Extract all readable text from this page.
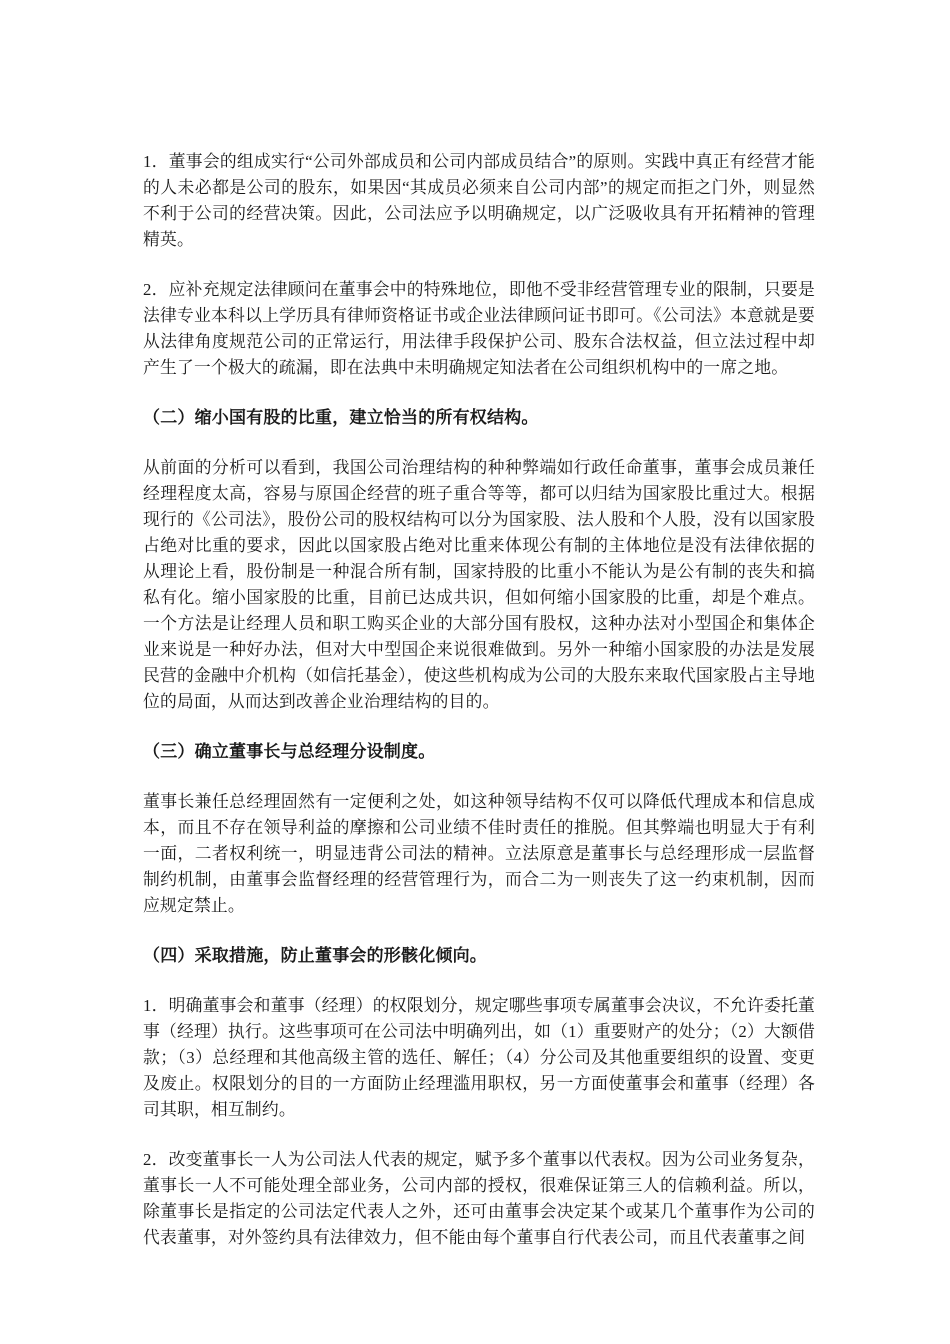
1．董事会的组成实行“公司外部成员和公司内部成员结合”的原则。实践中真正有经营才能的人未必都是公司的股东，如果因“其成员必须来自公司内部”的规定而拒之门外，则显然不利于公司的经营决策。因此，公司法应予以明确规定，以广泛吸收具有开拓精神的管理精英。

2．应补充规定法律顾问在董事会中的特殊地位，即他不受非经营管理专业的限制，只要是法律专业本科以上学历具有律师资格证书或企业法律顾问证书即可。《公司法》本意就是要从法律角度规范公司的正常运行，用法律手段保护公司、股东合法权益，但立法过程中却产生了一个极大的疏漏，即在法典中未明确规定知法者在公司组织机构中的一席之地。

（二）缩小国有股的比重，建立恰当的所有权结构。

从前面的分析可以看到，我国公司治理结构的种种弊端如行政任命董事，董事会成员兼任经理程度太高，容易与原国企经营的班子重合等等，都可以归结为国家股比重过大。根据现行的《公司法》，股份公司的股权结构可以分为国家股、法人股和个人股，没有以国家股占绝对比重的要求，因此以国家股占绝对比重来体现公有制的主体地位是没有法律依据的从理论上看，股份制是一种混合所有制，国家持股的比重小不能认为是公有制的丧失和搞私有化。缩小国家股的比重，目前已达成共识，但如何缩小国家股的比重，却是个难点。一个方法是让经理人员和职工购买企业的大部分国有股权，这种办法对小型国企和集体企业来说是一种好办法，但对大中型国企来说很难做到。另外一种缩小国家股的办法是发展民营的金融中介机构（如信托基金），使这些机构成为公司的大股东来取代国家股占主导地位的局面，从而达到改善企业治理结构的目的。

（三）确立董事长与总经理分设制度。

董事长兼任总经理固然有一定便利之处，如这种领导结构不仅可以降低代理成本和信息成本，而且不存在领导利益的摩擦和公司业绩不佳时责任的推脱。但其弊端也明显大于有利一面，二者权利统一，明显违背公司法的精神。立法原意是董事长与总经理形成一层监督制约机制，由董事会监督经理的经营管理行为，而合二为一则丧失了这一约束机制，因而应规定禁止。

（四）采取措施，防止董事会的形骸化倾向。

1．明确董事会和董事（经理）的权限划分，规定哪些事项专属董事会决议，不允许委托董事（经理）执行。这些事项可在公司法中明确列出，如（1）重要财产的处分；（2）大额借款；（3）总经理和其他高级主管的选任、解任；（4）分公司及其他重要组织的设置、变更及废止。权限划分的目的一方面防止经理滥用职权，另一方面使董事会和董事（经理）各司其职，相互制约。

2．改变董事长一人为公司法人代表的规定，赋予多个董事以代表权。因为公司业务复杂，董事长一人不可能处理全部业务，公司内部的授权，很难保证第三人的信赖利益。所以，除董事长是指定的公司法定代表人之外，还可由董事会决定某个或某几个董事作为公司的代表董事，对外签约具有法律效力，但不能由每个董事自行代表公司，而且代表董事之间
